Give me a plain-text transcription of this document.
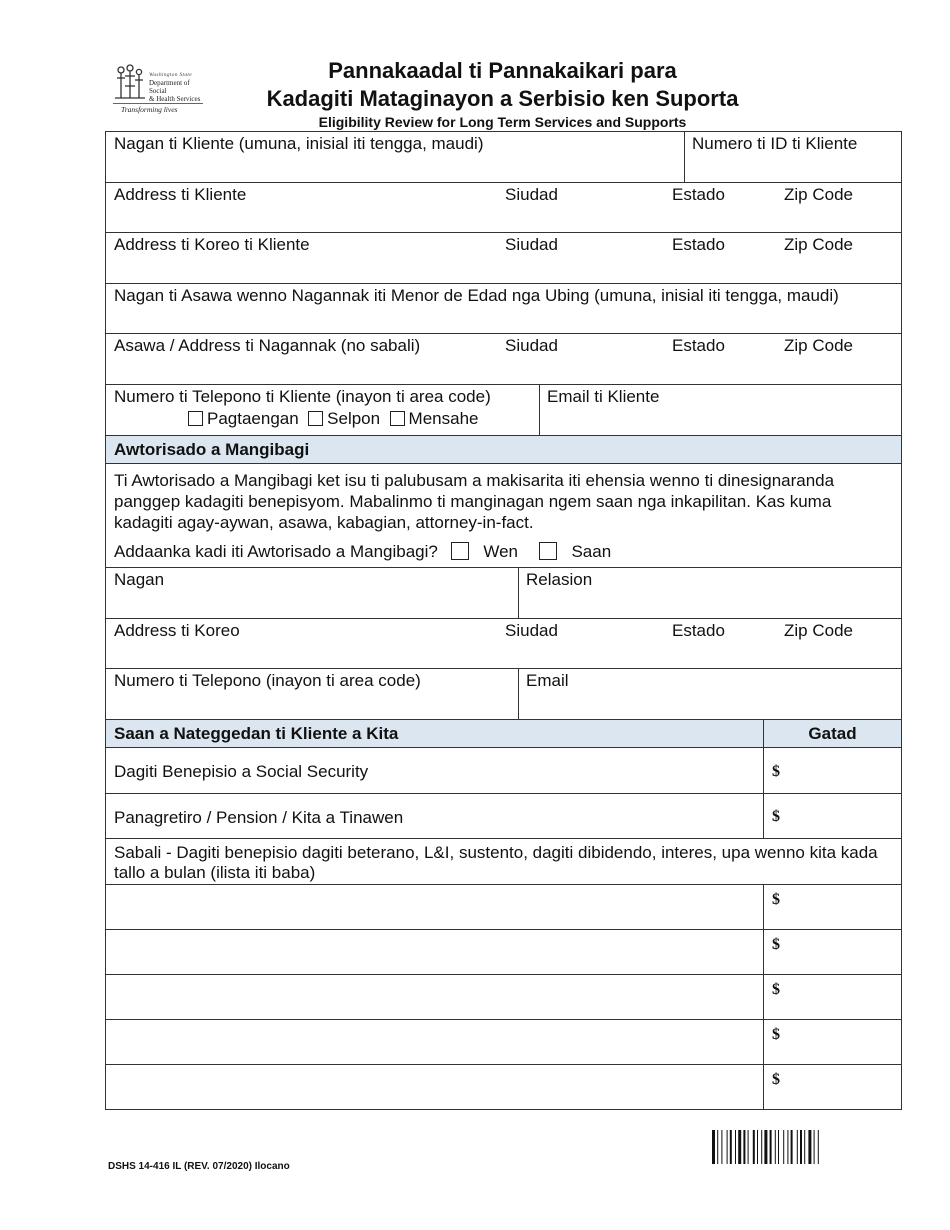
Washington State
Department of Social
& Health Services
Transforming lives
Pannakaadal ti Pannakaikari para
Kadagiti Mataginayon a Serbisio ken Suporta
Eligibility Review for Long Term Services and Supports
Nagan ti Kliente (umuna, inisial iti tengga, maudi)	Numero ti ID ti Kliente
Address ti Kliente	Siudad	Estado	Zip Code
Address ti Koreo ti Kliente	Siudad	Estado	Zip Code
Nagan ti Asawa wenno Nagannak iti Menor de Edad nga Ubing (umuna, inisial iti tengga, maudi)
Asawa / Address ti Nagannak (no sabali)	Siudad	Estado	Zip Code
Numero ti Telepono ti Kliente (inayon ti area code)
Pagtaengan Selpon Mensahe
Email ti Kliente
Awtorisado a Mangibagi
Ti Awtorisado a Mangibagi ket isu ti palubusam a makisarita iti ehensia wenno ti dinesignaranda panggep kadagiti benepisyom. Mabalinmo ti manginagan ngem saan nga inkapilitan. Kas kuma kadagiti agay-aywan, asawa, kabagian, attorney-in-fact.
Addaanka kadi iti Awtorisado a Mangibagi?	Wen	Saan
Nagan	Relasion
Address ti Koreo	Siudad	Estado	Zip Code
Numero ti Telepono (inayon ti area code)	Email
Saan a Nateggedan ti Kliente a Kita	Gatad
Dagiti Benepisio a Social Security	$
Panagretiro / Pension / Kita a Tinawen	$
Sabali - Dagiti benepisio dagiti beterano, L&I, sustento, dagiti dibidendo, interes, upa wenno kita kada tallo a bulan (ilista iti baba)
$
$
$
$
$
DSHS 14-416 IL (REV. 07/2020) Ilocano
